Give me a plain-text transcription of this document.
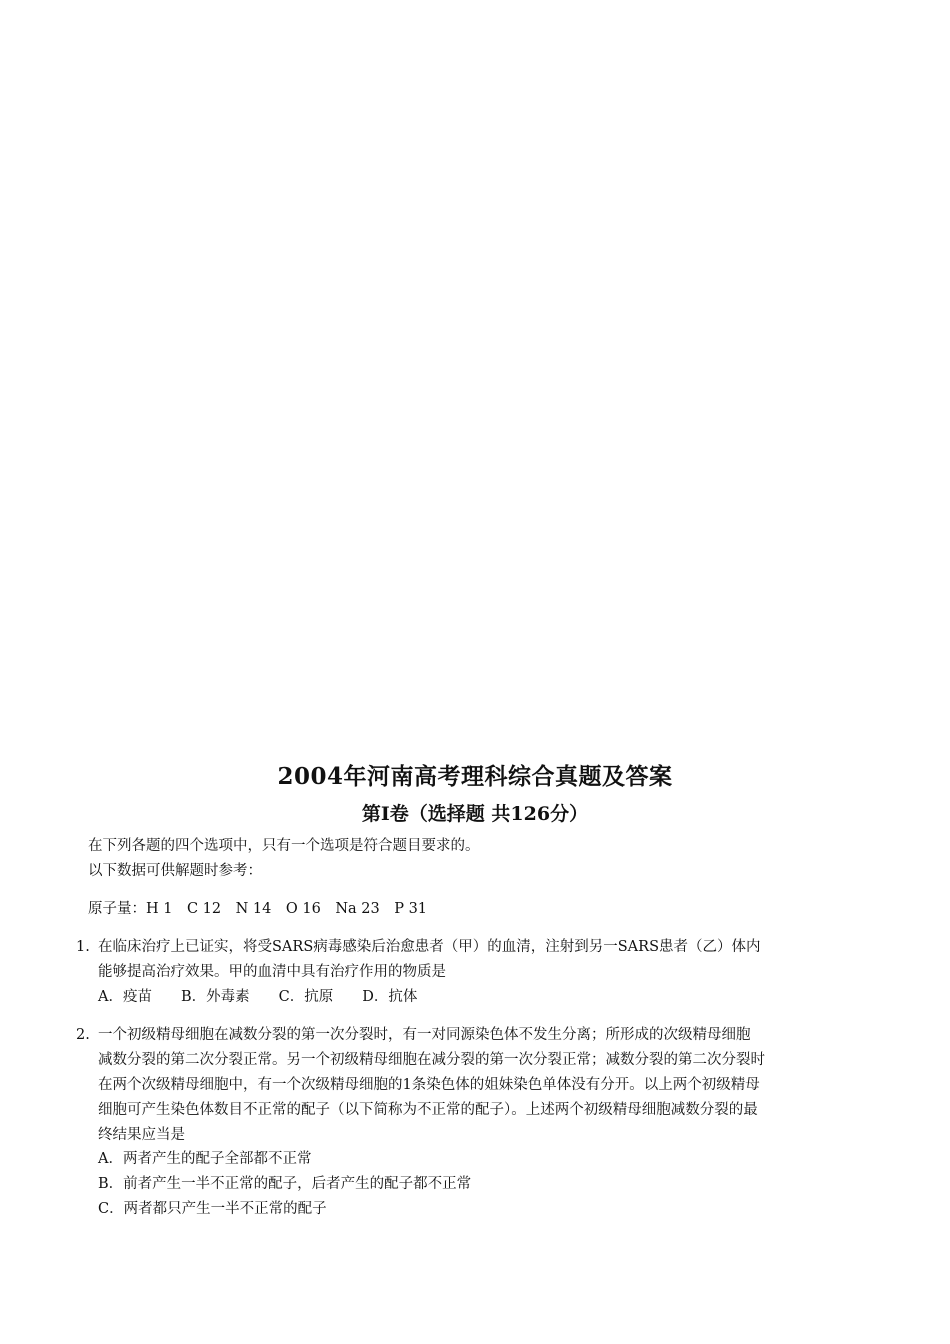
2004年河南高考理科综合真题及答案
第Ⅰ卷（选择题 共126分）
在下列各题的四个选项中，只有一个选项是符合题目要求的。
以下数据可供解题时参考：
原子量：H 1　C 12　N 14　O 16　Na 23　P 31
1. 在临床治疗上已证实，将受SARS病毒感染后治愈患者（甲）的血清，注射到另一SARS患者（乙）体内
能够提高治疗效果。甲的血清中具有治疗作用的物质是
A．疫苗　　B．外毒素　　C．抗原　　D．抗体
2. 一个初级精母细胞在减数分裂的第一次分裂时，有一对同源染色体不发生分离；所形成的次级精母细胞
减数分裂的第二次分裂正常。另一个初级精母细胞在减分裂的第一次分裂正常；减数分裂的第二次分裂时
在两个次级精母细胞中，有一个次级精母细胞的1条染色体的姐妹染色单体没有分开。以上两个初级精母
细胞可产生染色体数目不正常的配子（以下简称为不正常的配子）。上述两个初级精母细胞减数分裂的最
终结果应当是
A．两者产生的配子全部都不正常
B．前者产生一半不正常的配子，后者产生的配子都不正常
C．两者都只产生一半不正常的配子
